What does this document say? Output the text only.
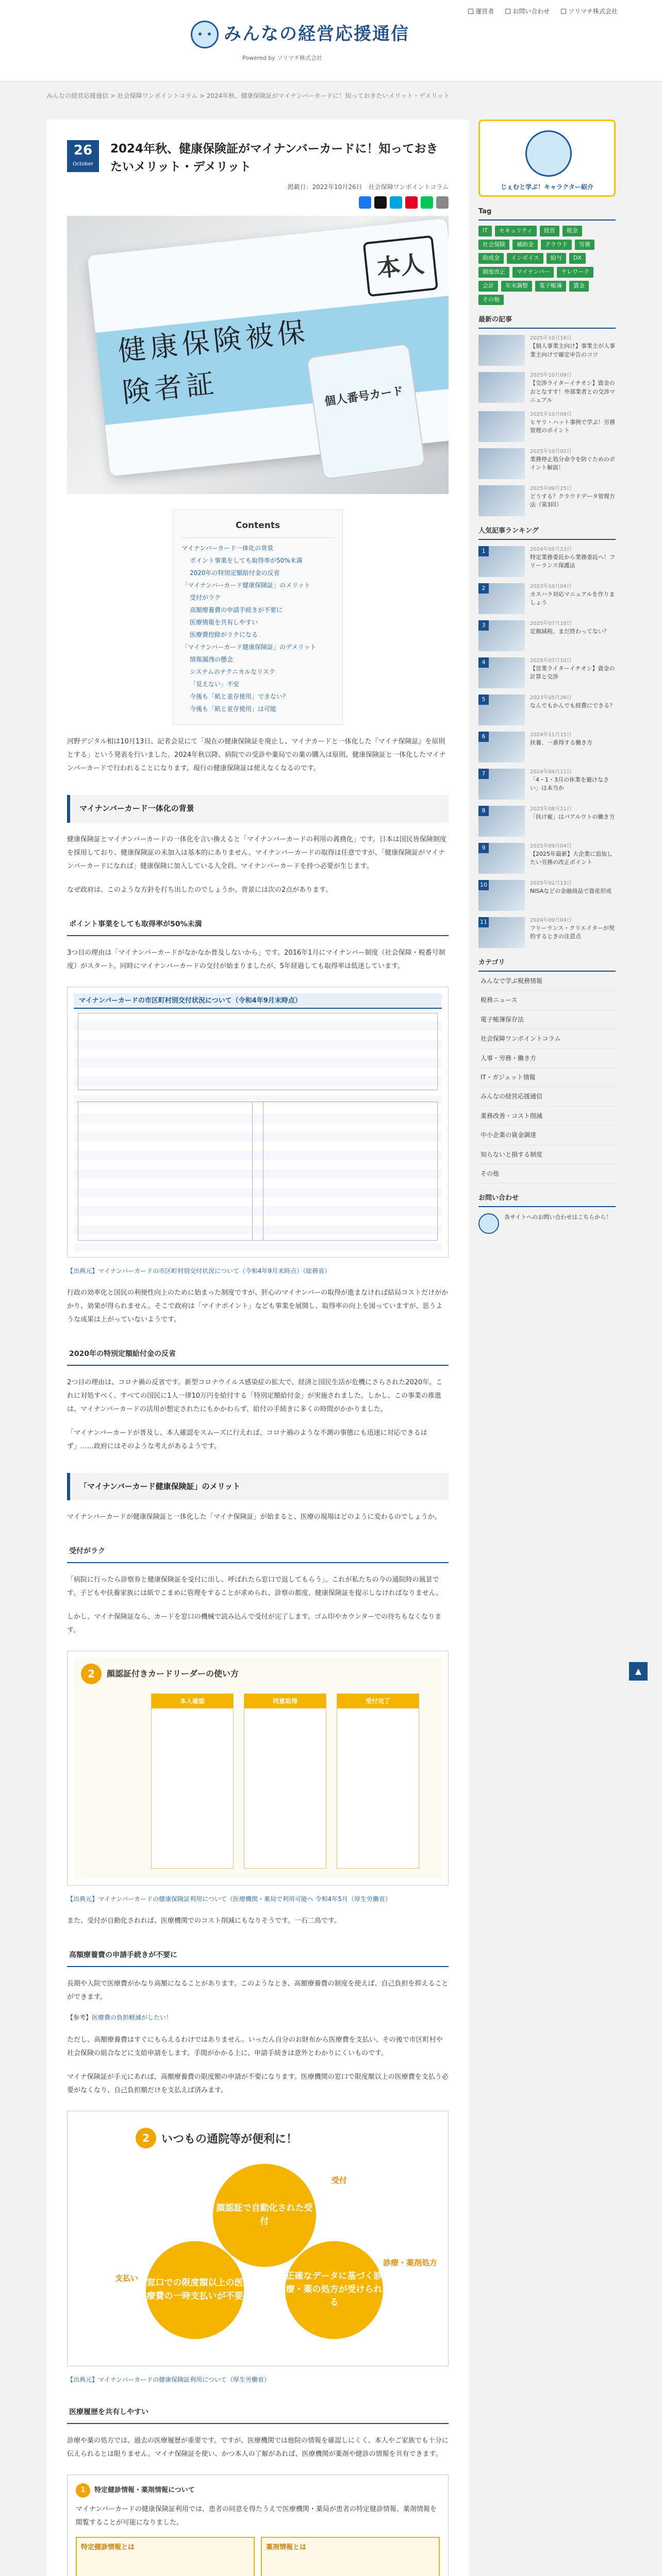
みんなの経営応援通信
Powered by ソリマチ株式会社
運営者	お問い合わせ	ソリマチ株式会社
みんなの経営応援通信 > 社会保障ワンポイントコラム > 2024年秋、健康保険証がマイナンバーカードに！知っておきたいメリット・デメリット
26
October
2024年秋、健康保険証がマイナンバーカードに！知っておきたいメリット・デメリット
掲載日：2022年10月26日　社会保障ワンポイントコラム
健康保険被保険者証
本人
個人番号カード
Contents
マイナンバーカード一体化の背景
ポイント事業をしても取得率が50%未満
2020年の特別定額給付金の反省
「マイナンバーカード健康保険証」のメリット
受付がラク
高額療養費の申請手続きが不要に
医療情報を共有しやすい
医療費控除がラクになる
「マイナンバーカード健康保険証」のデメリット
情報漏洩の懸念
システムのテクニカルなリスク
「見えない」不安
今後も「紙と並存使用」できない？
今後も「紙と並存使用」は可能

河野デジタル相は10月13日、記者会見にて「現在の健康保険証を廃止し、マイナカードと一体化した『マイナ保険証』を原則とする」という発表を行いました。2024年秋以降、病院での受診や薬局での薬の購入は原則、健康保険証と一体化したマイナンバーカードで行われることになります。現行の健康保険証は使えなくなるのです。

マイナンバーカード一体化の背景

健康保険証とマイナンバーカードの一体化を言い換えると「マイナンバーカードの利用の義務化」です。日本は国民皆保険制度を採用しており、健康保険証の未加入は基本的にありません。マイナンバーカードの取得は任意ですが、「健康保険証がマイナンバーカードになれば」健康保険に加入している人全員、マイナンバーカードを持つ必要が生じます。

なぜ政府は、このような方針を打ち出したのでしょうか。背景には次の2点があります。

ポイント事業をしても取得率が50%未満

3つ目の理由は「マイナンバーカードがなかなか普及しないから」です。2016年1月にマイナンバー制度（社会保障・税番号制度）がスタート。同時にマイナンバーカードの交付が始まりましたが、5年経過しても取得率は低迷しています。

マイナンバーカードの市区町村別交付状況について（令和4年9月末時点）
【出典元】マイナンバーカードの市区町村別交付状況について（令和4年9月末時点）（総務省）

行政の効率化と国民の利便性向上のために始まった制度ですが、肝心のマイナンバーの取得が進まなければ結局コストだけがかかり、効果が得られません。そこで政府は「マイナポイント」なども事業を展開し、取得率の向上を図っていますが、思うような成果は上がっていないようです。

2020年の特別定額給付金の反省

2つ目の理由は、コロナ禍の反省です。新型コロナウイルス感染症の拡大で、経済と国民生活が危機にさらされた2020年。これに対処すべく、すべての国民に1人一律10万円を給付する「特別定額給付金」が実施されました。しかし、この事業の推進は、マイナンバーカードの活用が想定されたにもかかわらず、給付の手続きに多くの時間がかかりました。

「マイナンバーカードが普及し、本人確認をスムーズに行えれば、コロナ禍のような不測の事態にも迅速に対応できるはず」……政府にはそのような考えがあるようです。

「マイナンバーカード健康保険証」のメリット

マイナンバーカードが健康保険証と一体化した「マイナ保険証」が始まると、医療の現場はどのように変わるのでしょうか。

受付がラク

「病院に行ったら診察券と健康保険証を受付に出し、呼ばれたら窓口で返してもらう」。これが私たちの今の通院時の風景です。子どもや扶養家族には紙でこまめに管理をすることが求められ、診察の都度、健康保険証を提示しなければなりません。

しかし、マイナ保険証なら、カードを窓口の機械で読み込んで受付が完了します。ゴム印やカウンターでの待ちもなくなります。

2	顔認証付きカードリーダーの使い方
本人確認	同意取得	受付完了
【出典元】マイナンバーカードの健康保険証利用について（医療機関・薬局で利用可能へ 令和4年5月（厚生労働省）

また、受付が自動化されれば、医療機関でのコスト削減にもなりそうです。一石二鳥です。

高額療養費の申請手続きが不要に

長期や入院で医療費がかなり高額になることがあります。このようなとき、高額療養費の制度を使えば、自己負担を抑えることができます。

【参考】医療費の負担軽減がしたい！

ただし、高額療養費はすぐにもらえるわけではありません。いったん自分のお財布から医療費を支払い、その後で市区町村や社会保険の組合などに支給申請をします。手間がかかる上に、申請手続きは意外とわかりにくいものです。

マイナ保険証が手元にあれば、高額療養費の限度額の申請が不要になります。医療機関の窓口で限度額以上の医療費を支払う必要がなくなり、自己負担額だけを支払えば済みます。

2	いつもの通院等が便利に！
顔認証で自動化された受付
窓口での限度額以上の医療費の一時支払いが不要
正確なデータに基づく診療・薬の処方が受けられる
受付
支払い
診療・薬剤処方
【出典元】マイナンバーカードの健康保険証利用について（厚生労働省）
医療履歴を共有しやすい

診療や薬の処方では、過去の医療履歴が重要です。ですが、医療機関では他院の情報を確認しにくく、本人やご家族でも十分に伝えられるとは限りません。マイナ保険証を使い、かつ本人の了解があれば、医療機関が薬剤や健診の情報を共有できます。

1 特定健診情報・薬剤情報について

マイナンバーカードの健康保険証利用では、患者の同意を得たうえで医療機関・薬局が患者の特定健診情報、薬剤情報を閲覧することが可能になりました。

特定健診情報とは	薬剤情報とは
じぇむと学ぶ！キャラクター紹介
Tag
IT	セキュリティ	経営	税金
社会保険	補助金	クラウド	労務
助成金	インボイス	給与	DX
制度改正	マイナンバー	テレワーク
会計	年末調整	電子帳簿	賃金
その他
最新の記事
2025年10月16日
【個人事業主向け】事業主が人事業主向けで確定申告のコツ
2025年10月09日
【交渉ライターイチオシ】資金のおとなすす！外部業者との交渉マニュアル
2025年10月09日
ヒヤリ・ハット事例で学ぶ！労務管理のポイント
2025年10月02日
業務停止処分命令を防ぐためのポイント解説！
2025年09月25日
どうする？クラウドデータ管理方法（第3回）
人気記事ランキング
1	2024年05月23日
特定業務委託から業務委託へ！フリーランス保護法
2	2023年10月04日
カスハラ対応マニュアルを作りましょう
3	2025年07月10日
定額減税、まだ終わってない？
4	2025年07月10日
【営業ライターイチオシ】資金の計算と交渉
5	2023年05月26日
なんでもかんでも経費にできる？
6	2024年11月15日
扶養、一番得する働き方
7	2024年04月11日
「4・1・3月の休業を避けなさい」は本当か
8	2025年08月21日
「扶け雇」はパアルウトの働き方
9	2025年09月04日
【2025年最新】大企業に追加したい労務の改正ポイント
10	2025年02月13日
NISAなどの金融商品で資産形成
11	2024年09月04日
フリーランス・クリエイターが契約するときの注意点
カテゴリ
みんなで学ぶ税務情報
税務ニュース
電子帳簿保存法
社会保障ワンポイントコラム
人事・労務・働き方
IT・ガジェット情報
みんなの経営応援通信
業務改善・コスト削減
中小企業の資金調達
知らないと損する制度
その他
お問い合わせ
各サイトへのお問い合わせはこちらから！
▲
